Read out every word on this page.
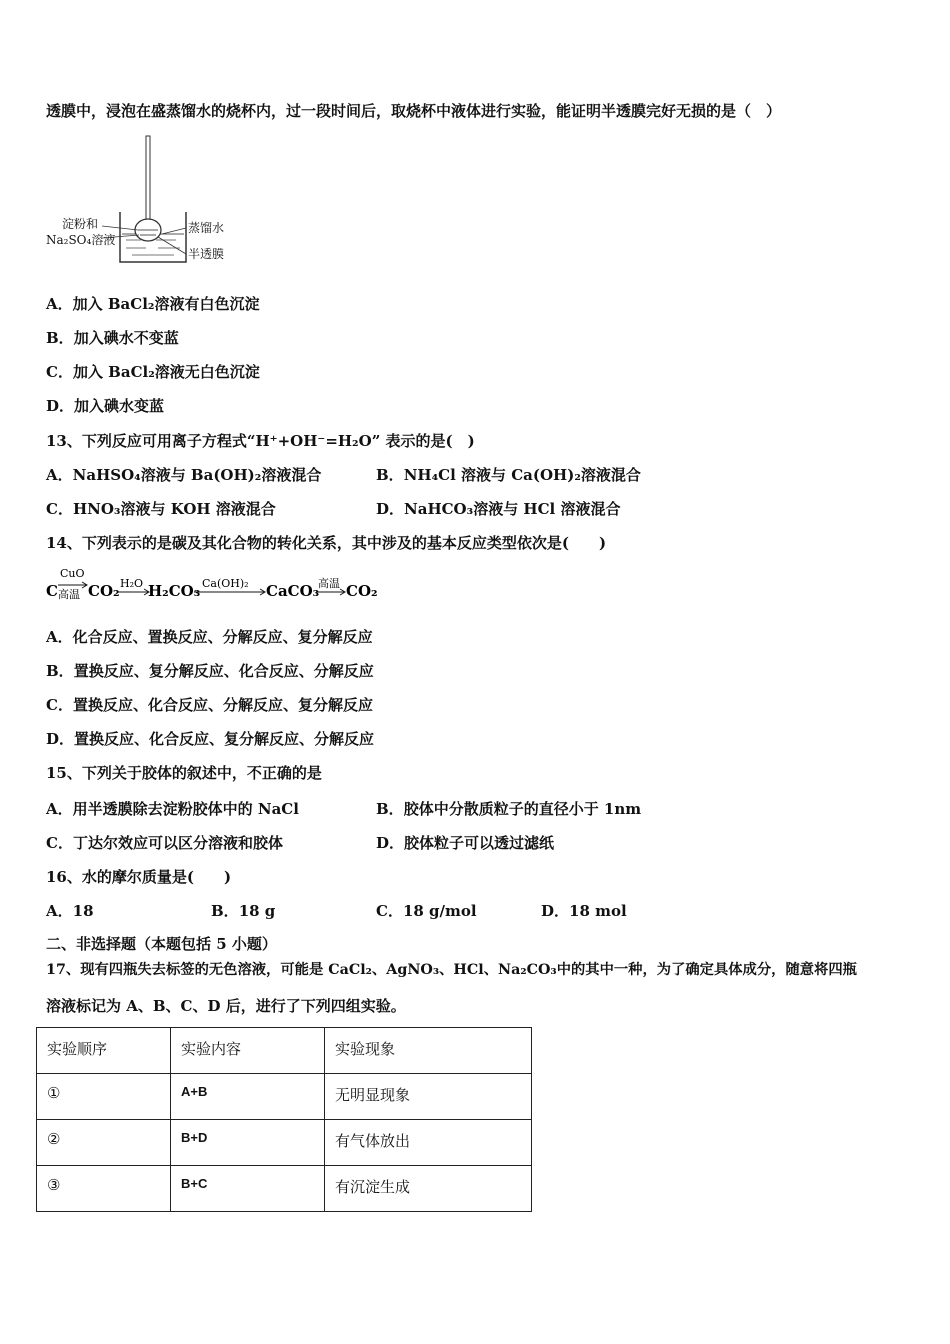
透膜中，浸泡在盛蒸馏水的烧杯内，过一段时间后，取烧杯中液体进行实验，能证明半透膜完好无损的是（　）
淀粉和
Na₂SO₄溶液
蒸馏水
半透膜
A．加入 BaCl₂溶液有白色沉淀
B．加入碘水不变蓝
C．加入 BaCl₂溶液无白色沉淀
D．加入碘水变蓝
13、下列反应可用离子方程式“H⁺+OH⁻=H₂O” 表示的是(　)
A．NaHSO₄溶液与 Ba(OH)₂溶液混合	B．NH₄Cl 溶液与 Ca(OH)₂溶液混合
C．HNO₃溶液与 KOH 溶液混合	D．NaHCO₃溶液与 HCl 溶液混合
14、下列表示的是碳及其化合物的转化关系，其中涉及的基本反应类型依次是(　　)
C
CuO
高温 CO₂ H₂O H₂CO₃ Ca(OH)₂ CaCO₃
高温 CO₂
A．化合反应、置换反应、分解反应、复分解反应
B．置换反应、复分解反应、化合反应、分解反应
C．置换反应、化合反应、分解反应、复分解反应
D．置换反应、化合反应、复分解反应、分解反应
15、下列关于胶体的叙述中，不正确的是
A．用半透膜除去淀粉胶体中的 NaCl	B．胶体中分散质粒子的直径小于 1nm
C．丁达尔效应可以区分溶液和胶体	D．胶体粒子可以透过滤纸
16、水的摩尔质量是(　　)
A．18	B．18 g	C．18 g/mol	D．18 mol
二、非选择题（本题包括 5 小题）
17、现有四瓶失去标签的无色溶液，可能是 CaCl₂、AgNO₃、HCl、Na₂CO₃中的其中一种，为了确定具体成分，随意将四瓶
溶液标记为 A、B、C、D 后，进行了下列四组实验。
实验顺序	实验内容	实验现象
①	A+B	无明显现象
②	B+D	有气体放出
③	B+C	有沉淀生成
